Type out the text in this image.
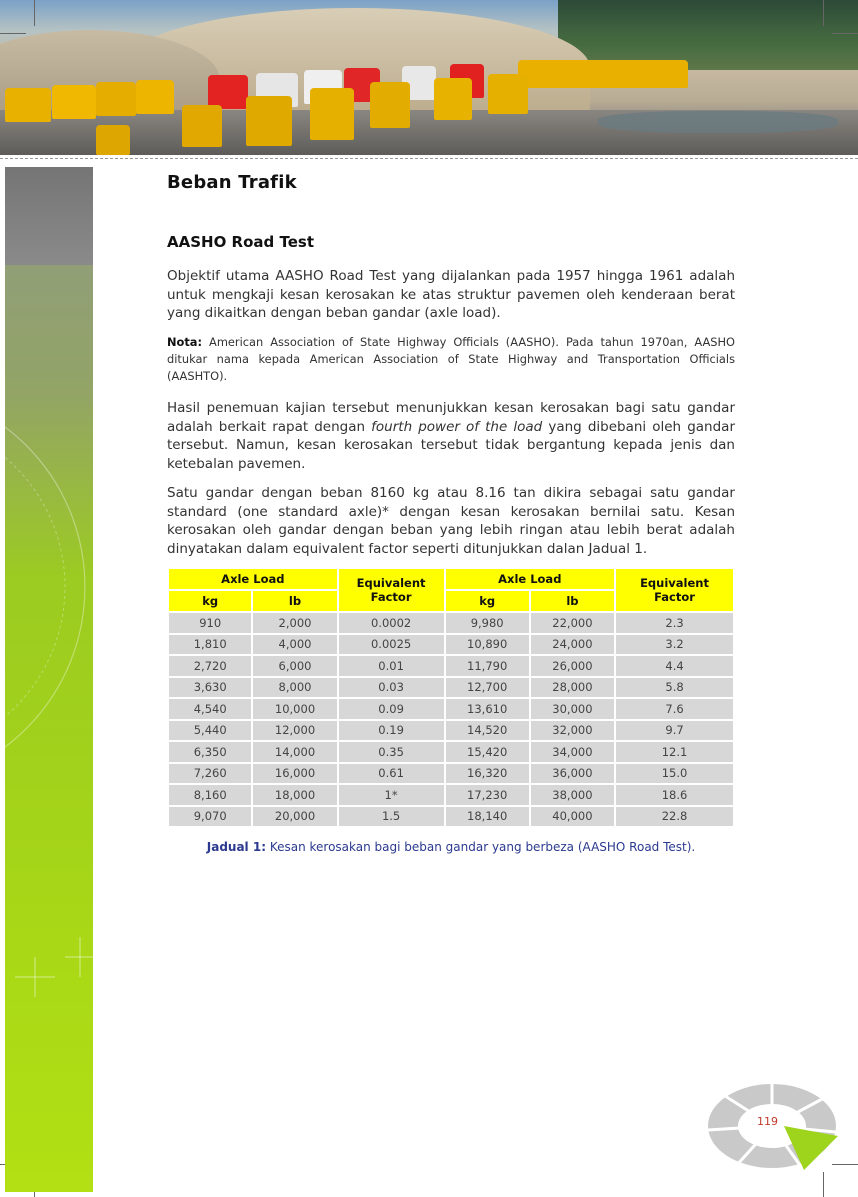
Beban Trafik
AASHO Road Test
Objektif utama AASHO Road Test yang dijalankan pada 1957 hingga 1961 adalah untuk mengkaji kesan kerosakan ke atas struktur pavemen oleh kenderaan berat yang dikaitkan dengan beban gandar (axle load).
Nota: American Association of State Highway Officials (AASHO). Pada tahun 1970an, AASHO ditukar nama kepada American Association of State Highway and Transportation Officials (AASHTO).
Hasil penemuan kajian tersebut menunjukkan kesan kerosakan bagi satu gandar adalah berkait rapat dengan fourth power of the load yang dibebani oleh gandar tersebut. Namun, kesan kerosakan tersebut tidak bergantung kepada jenis dan ketebalan pavemen.
Satu gandar dengan beban 8160 kg atau 8.16 tan dikira sebagai satu gandar standard (one standard axle)* dengan kesan kerosakan bernilai satu. Kesan kerosakan oleh gandar dengan beban yang lebih ringan atau lebih berat adalah dinyatakan dalam equivalent factor seperti ditunjukkan dalan Jadual 1.
Axle Load		Equivalent Factor	Axle Load		Equivalent Factor
kg	lb		kg	lb	
910	2,000	0.0002	9,980	22,000	2.3
1,810	4,000	0.0025	10,890	24,000	3.2
2,720	6,000	0.01	11,790	26,000	4.4
3,630	8,000	0.03	12,700	28,000	5.8
4,540	10,000	0.09	13,610	30,000	7.6
5,440	12,000	0.19	14,520	32,000	9.7
6,350	14,000	0.35	15,420	34,000	12.1
7,260	16,000	0.61	16,320	36,000	15.0
8,160	18,000	1*	17,230	38,000	18.6
9,070	20,000	1.5	18,140	40,000	22.8
Jadual 1: Kesan kerosakan bagi beban gandar yang berbeza (AASHO Road Test).
119
